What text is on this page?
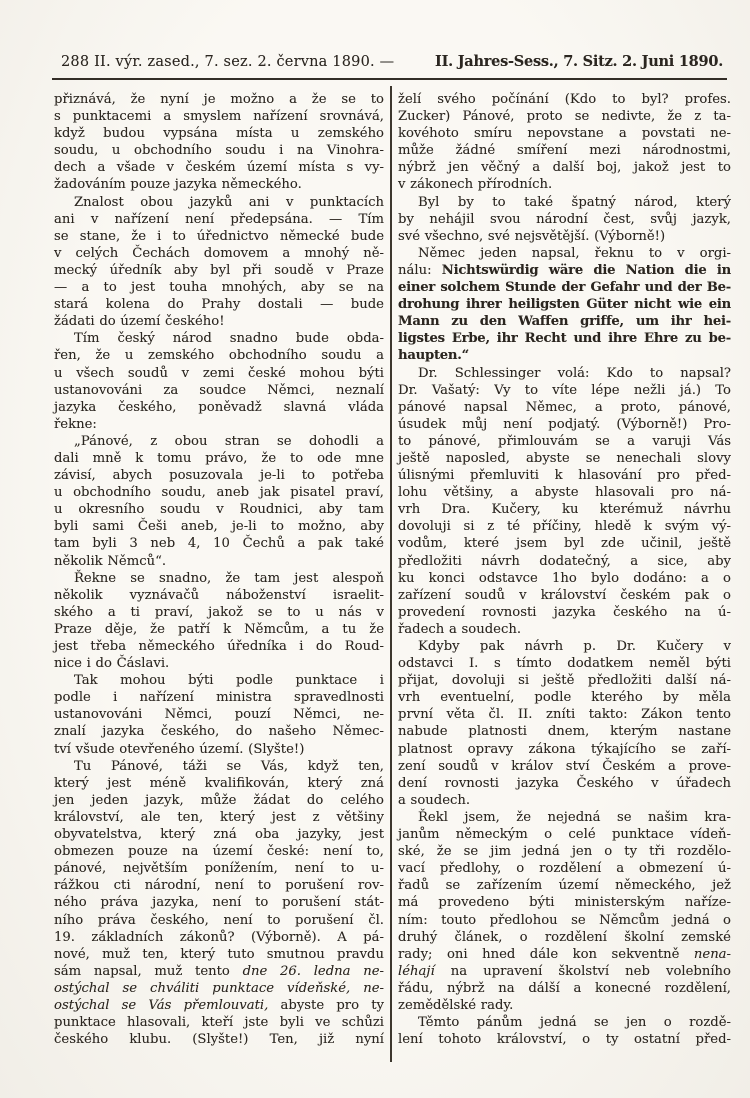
288 II. výr. zased., 7. sez. 2. června 1890. —	II. Jahres-Sess., 7. Sitz. 2. Juni 1890.
přiznává, že nyní je možno a že se to
s punktacemi a smyslem nařízení srovnává,
když budou vypsána místa u zemského
soudu, u obchodního soudu i na Vinohra-
dech a všade v českém území místa s vy-
žadováním pouze jazyka německého.
Znalost obou jazyků ani v punktacích
ani v nařízení není předepsána. — Tím
se stane, že i to úřednictvo německé bude
v celých Čechách domovem a mnohý ně-
mecký úředník aby byl při soudě v Praze
— a to jest touha mnohých, aby se na
stará kolena do Prahy dostali — bude
žádati do území českého!
Tím český národ snadno bude obda-
řen, že u zemského obchodního soudu a
u všech soudů v zemi české mohou býti
ustanovováni za soudce Němci, neznalí
jazyka českého, poněvadž slavná vláda
řekne:
„Pánové, z obou stran se dohodli a
dali mně k tomu právo, že to ode mne
závisí, abych posuzovala je-li to potřeba
u obchodního soudu, aneb jak pisatel praví,
u okresního soudu v Roudnici, aby tam
byli sami Češi aneb, je-li to možno, aby
tam byli 3 neb 4, 10 Čechů a pak také
několik Němců“.
Řekne se snadno, že tam jest alespoň
několik vyznávačů náboženství israelit-
ského a ti praví, jakož se to u nás v
Praze děje, že patří k Němcům, a tu že
jest třeba německého úředníka i do Roud-
nice i do Čáslavi.
Tak mohou býti podle punktace i
podle i nařízení ministra spravedlnosti
ustanovováni Němci, pouzí Němci, ne-
znalí jazyka českého, do našeho Němec-
tví všude otevřeného území. (Slyšte!)
Tu Pánové, táži se Vás, když ten,
který jest méně kvalifikován, který zná
jen jeden jazyk, může žádat do celého
království, ale ten, který jest z většiny
obyvatelstva, který zná oba jazyky, jest
obmezen pouze na území české: není to,
pánové, největším ponížením, není to u-
rážkou cti národní, není to porušení rov-
ného práva jazyka, není to porušení stát-
ního práva českého, není to porušení čl.
19. základních zákonů? (Výborně). A pá-
nové, muž ten, který tuto smutnou pravdu
sám napsal, muž tento dne 26. ledna ne-
ostýchal se chváliti punktace vídeňské, ne-
ostýchal se Vás přemlouvati, abyste pro ty
punktace hlasovali, kteří jste byli ve schůzi
českého klubu. (Slyšte!) Ten, již nyní
želí svého počínání (Kdo to byl? profes.
Zucker) Pánové, proto se nedivte, že z ta-
kovéhoto smíru nepovstane a povstati ne-
může žádné smíření mezi národnostmi,
nýbrž jen věčný a další boj, jakož jest to
v zákonech přírodních.
Byl by to také špatný národ, který
by nehájil svou národní čest, svůj jazyk,
své všechno, své nejsvětější. (Výborně!)
Němec jeden napsal, řeknu to v orgi-
nálu: Nichtswürdig wäre die Nation die in
einer solchem Stunde der Gefahr und der Be-
drohung ihrer heiligsten Güter nicht wie ein
Mann zu den Waffen griffe, um ihr hei-
ligstes Erbe, ihr Recht und ihre Ehre zu be-
haupten.“
Dr. Schlessinger volá: Kdo to napsal?
Dr. Vašatý: Vy to víte lépe nežli já.) To
pánové napsal Němec, a proto, pánové,
úsudek můj není podjatý. (Výborně!) Pro-
to pánové, přimlouvám se a varuji Vás
ještě naposled, abyste se nenechali slovy
úlisnými přemluviti k hlasování pro před-
lohu většiny, a abyste hlasovali pro ná-
vrh Dra. Kučery, ku kterémuž návrhu
dovoluji si z té příčiny, hledě k svým vý-
vodům, které jsem byl zde učinil, ještě
předložiti návrh dodatečný, a sice, aby
ku konci odstavce 1ho bylo dodáno: a o
zařízení soudů v království českém pak o
provedení rovnosti jazyka českého na ú-
řadech a soudech.
Kdyby pak návrh p. Dr. Kučery v
odstavci I. s tímto dodatkem neměl býti
přijat, dovoluji si ještě předložiti další ná-
vrh eventuelní, podle kterého by měla
první věta čl. II. zníti takto: Zákon tento
nabude platnosti dnem, kterým nastane
platnost opravy zákona týkajícího se zaří-
zení soudů v králov ství Českém a prove-
dení rovnosti jazyka Českého v úřadech
a soudech.
Řekl jsem, že nejedná se našim kra-
janům německým o celé punktace vídeň-
ské, že se jim jedná jen o ty tři rozdělo-
vací předlohy, o rozdělení a obmezení ú-
řadů se zařízením území německého, jež
má provedeno býti ministerským naříze-
ním: touto předlohou se Němcům jedná o
druhý článek, o rozdělení školní zemské
rady; oni hned dále kon sekventně nena-
léhají na upravení školství neb volebního
řádu, nýbrž na dálší a konecné rozdělení,
zemědělské rady.
Těmto pánům jedná se jen o rozdě-
lení tohoto království, o ty ostatní před-
